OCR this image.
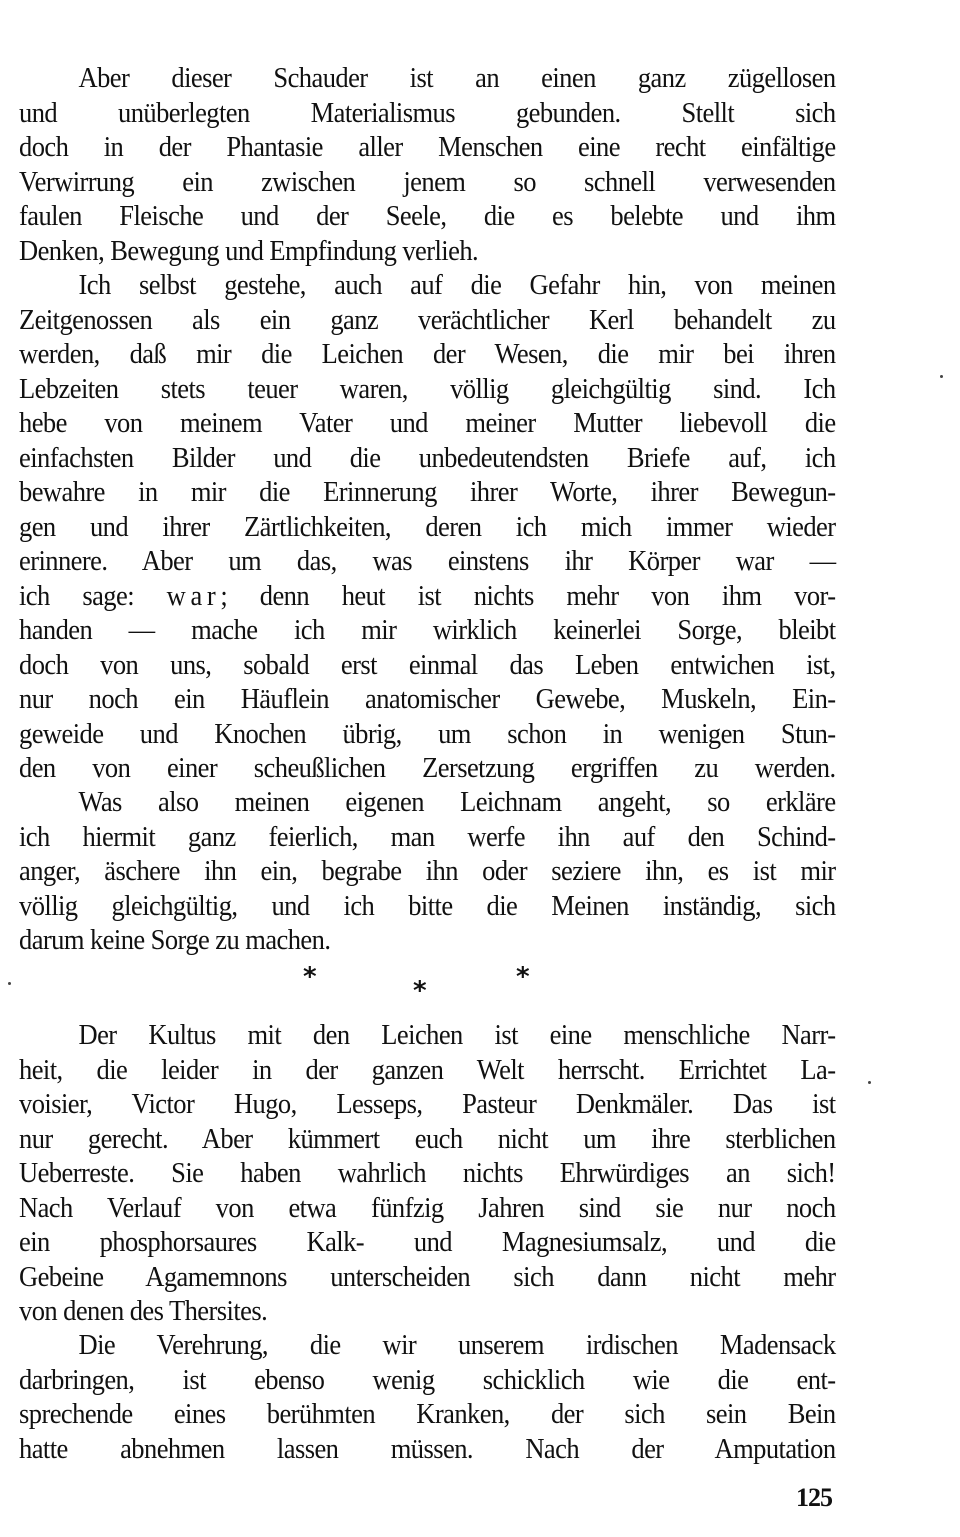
Aber dieser Schauder ist an einen ganz zügellosen
und unüberlegten Materialismus gebunden. Stellt sich
doch in der Phantasie aller Menschen eine recht einfältige
Verwirrung ein zwischen jenem so schnell verwesenden
faulen Fleische und der Seele, die es belebte und ihm
Denken, Bewegung und Empfindung verlieh.
Ich selbst gestehe, auch auf die Gefahr hin, von meinen
Zeitgenossen als ein ganz verächtlicher Kerl behandelt zu
werden, daß mir die Leichen der Wesen, die mir bei ihren
Lebzeiten stets teuer waren, völlig gleichgültig sind. Ich
hebe von meinem Vater und meiner Mutter liebevoll die
einfachsten Bilder und die unbedeutendsten Briefe auf, ich
bewahre in mir die Erinnerung ihrer Worte, ihrer Bewegun-
gen und ihrer Zärtlichkeiten, deren ich mich immer wieder
erinnere. Aber um das, was einstens ihr Körper war —
ich sage: war; denn heut ist nichts mehr von ihm vor-
handen — mache ich mir wirklich keinerlei Sorge, bleibt
doch von uns, sobald erst einmal das Leben entwichen ist,
nur noch ein Häuflein anatomischer Gewebe, Muskeln, Ein-
geweide und Knochen übrig, um schon in wenigen Stun-
den von einer scheußlichen Zersetzung ergriffen zu werden.
Was also meinen eigenen Leichnam angeht, so erkläre
ich hiermit ganz feierlich, man werfe ihn auf den Schind-
anger, äschere ihn ein, begrabe ihn oder seziere ihn, es ist mir
völlig gleichgültig, und ich bitte die Meinen inständig, sich
darum keine Sorge zu machen.
*	*	*
Der Kultus mit den Leichen ist eine menschliche Narr-
heit, die leider in der ganzen Welt herrscht. Errichtet La-
voisier, Victor Hugo, Lesseps, Pasteur Denkmäler. Das ist
nur gerecht. Aber kümmert euch nicht um ihre sterblichen
Ueberreste. Sie haben wahrlich nichts Ehrwürdiges an sich!
Nach Verlauf von etwa fünfzig Jahren sind sie nur noch
ein phosphorsaures Kalk- und Magnesiumsalz, und die
Gebeine Agamemnons unterscheiden sich dann nicht mehr
von denen des Thersites.
Die Verehrung, die wir unserem irdischen Madensack
darbringen, ist ebenso wenig schicklich wie die ent-
sprechende eines berühmten Kranken, der sich sein Bein
hatte abnehmen lassen müssen. Nach der Amputation
125
